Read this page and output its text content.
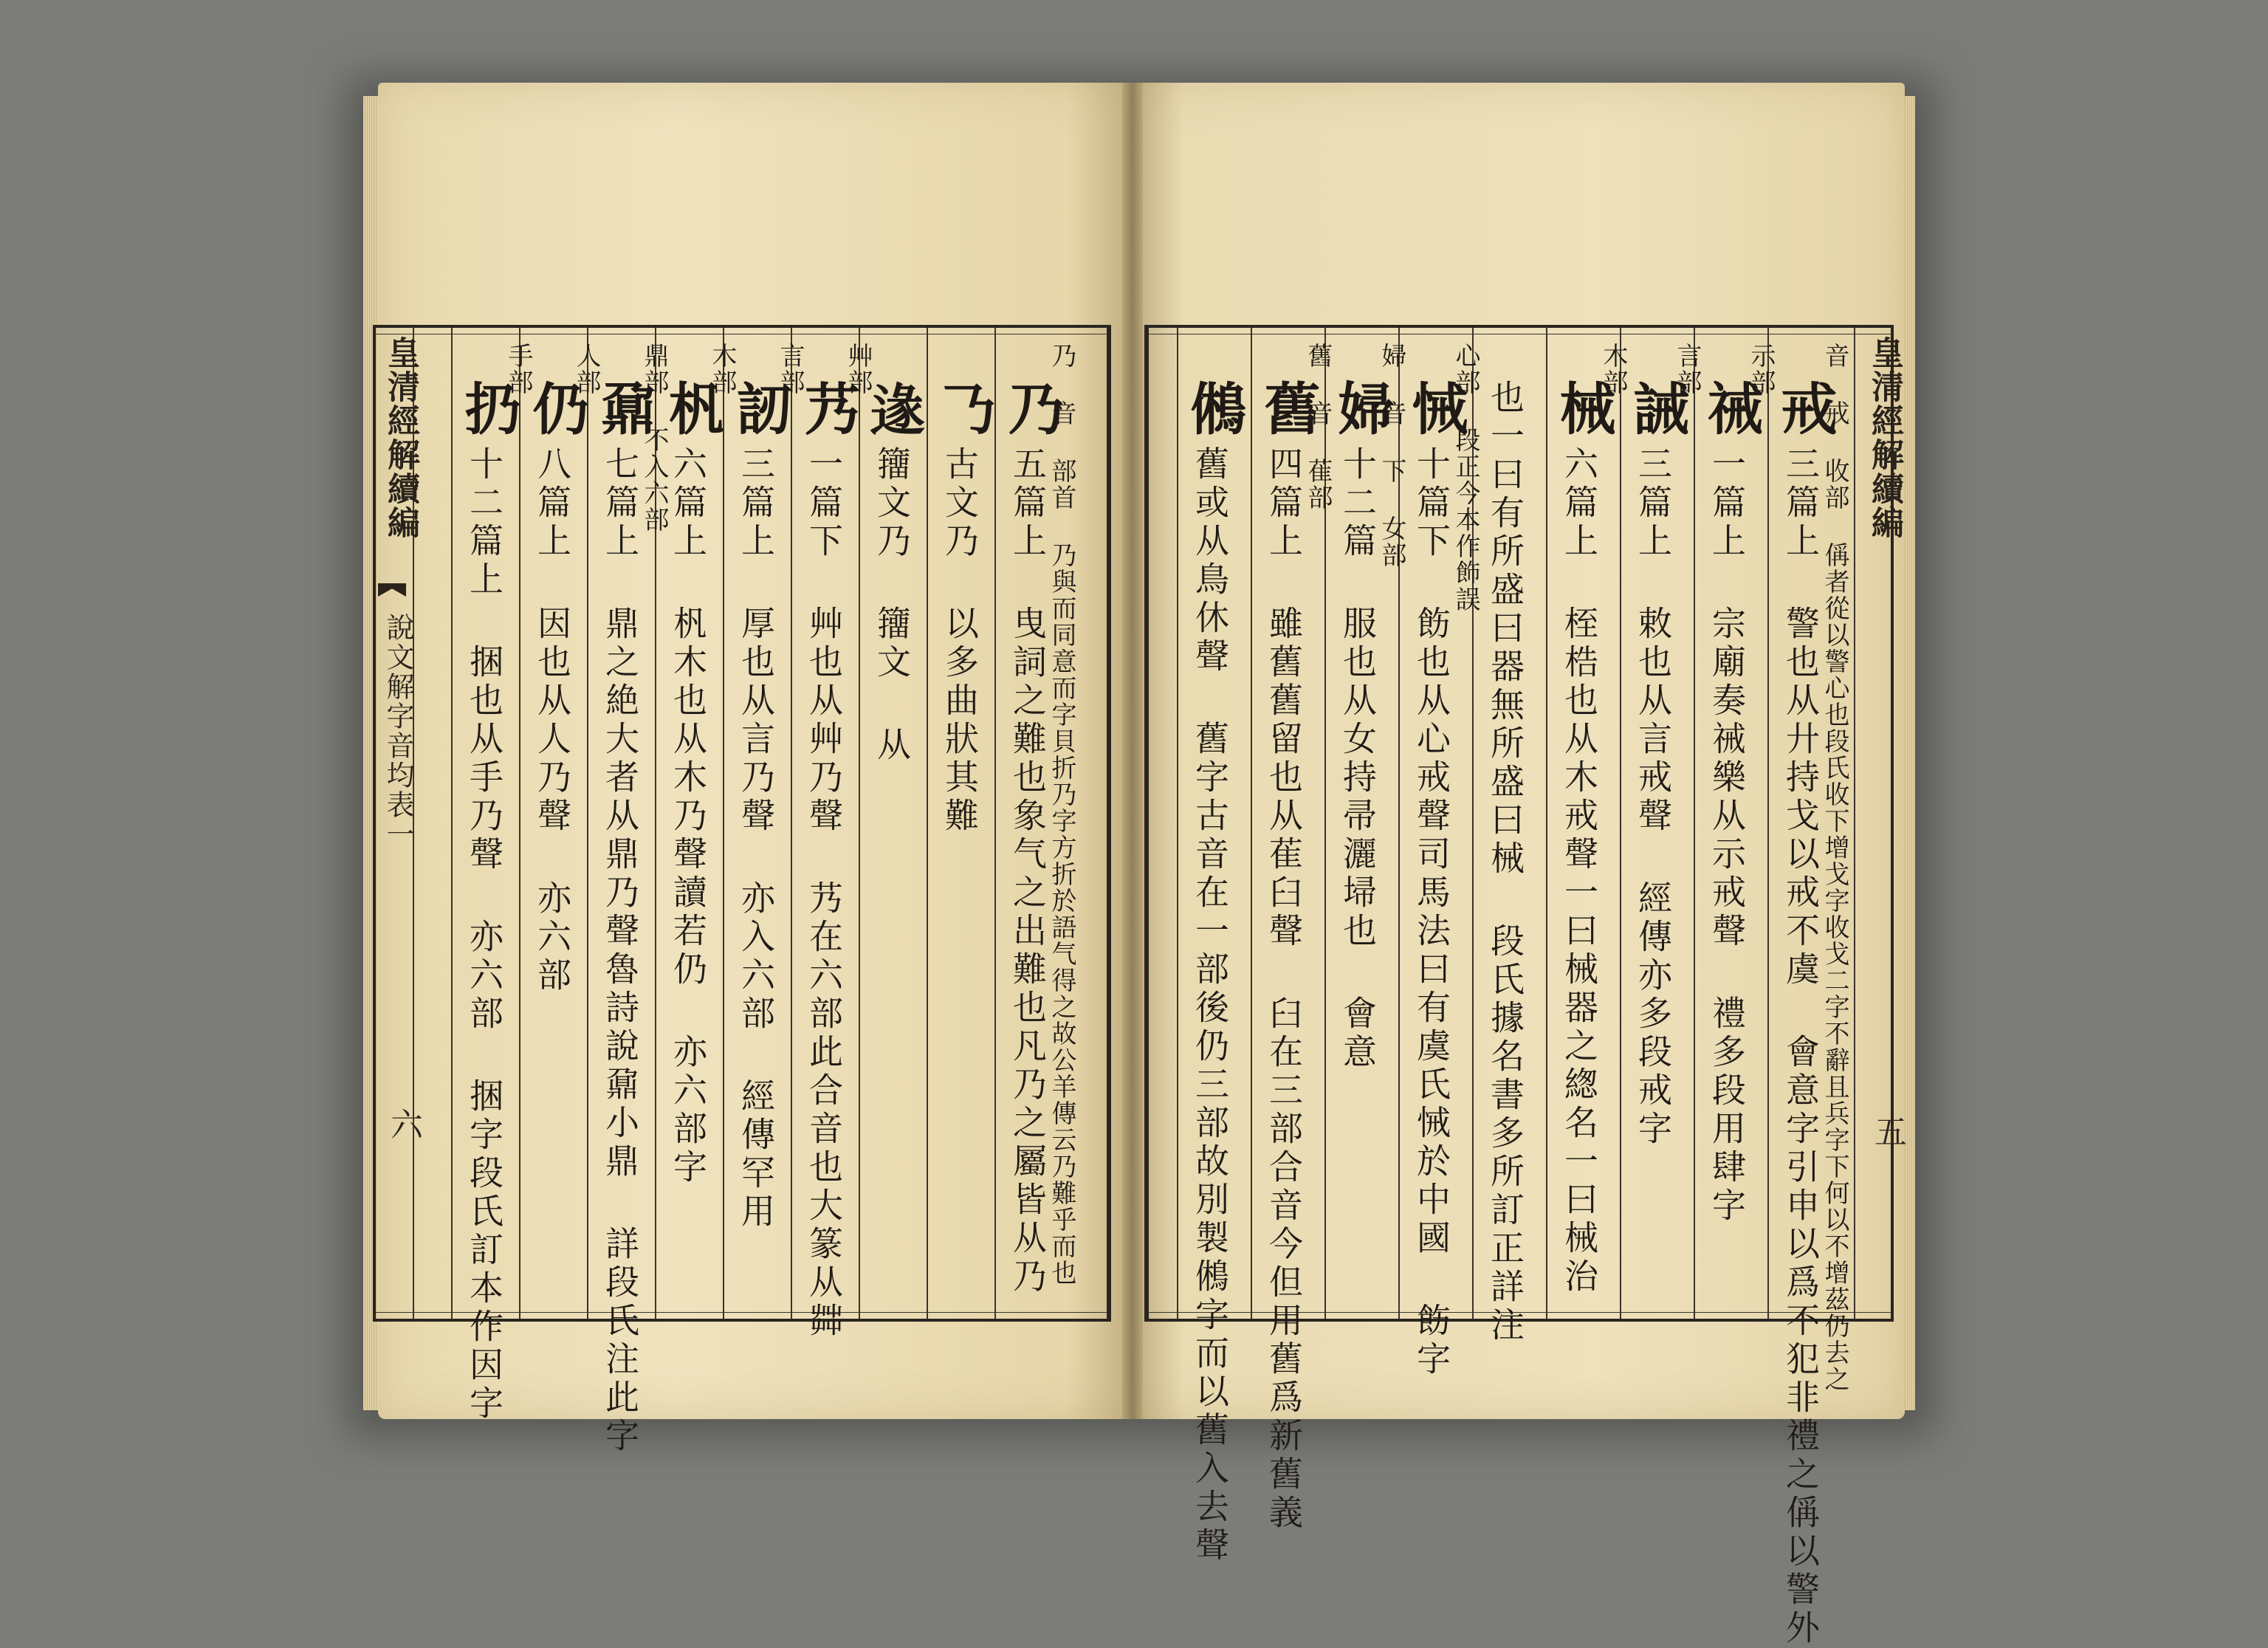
音 戒 收部 偁者從以警心也段氏收下增戈字收戈二字不辭且兵字下何以不增茲仍去之
戒
三篇上 警也从廾持戈以戒不虞 會意字引申以爲不犯非禮之偁以警外
示部
祴
一篇上 宗廟奏祴樂从示戒聲 禮多段用肆字
言部
誡
三篇上 敕也从言戒聲 經傳亦多段戒字
木部
械
六篇上 桎梏也从木戒聲一曰械器之緫名一曰械治
也一曰有所盛曰器無所盛曰械 段氏據名書多所訂正詳注
心部 段正今本作飾誤
悈
十篇下 飭也从心戒聲司馬法曰有虞氏悈於中國 飭字
婦 音 下 女部
婦
十二篇 服也从女持帚灑埽也 會意
舊 音 萑部
舊
四篇上 雖舊舊留也从萑臼聲 臼在三部合音今但用舊爲新舊義
鵂
舊或从鳥休聲 舊字古音在一部後仍三部故別製鵂字而以舊入去聲
皇清經解續編
五
乃 音 部首 乃與而同意而字貝折乃字方折於語气得之故公羊傳云乃難乎而也
乃
五篇上 曳詞之難也象气之出難也凡乃之屬皆从乃
𠄎
古文乃 以多曲狀其難
𨔵
籒文乃 籒文 从
艸部
艿
一篇下 艸也从艸乃聲 艿在六部此合音也大篆从茻
言部
訒
三篇上 厚也从言乃聲 亦入六部 經傳罕用
木部
杋
六篇上 杋木也从木乃聲讀若仍 亦六部字
鼎部 不入六部
鼐
七篇上 鼎之絶大者从鼎乃聲魯詩說鼐小鼎 詳段氏注此字
人部
仍
八篇上 因也从人乃聲 亦六部
手部
扔
十二篇上 捆也从手乃聲 亦六部 捆字段氏訂本作因字
皇清經解續編
說文解字音均表一
六
